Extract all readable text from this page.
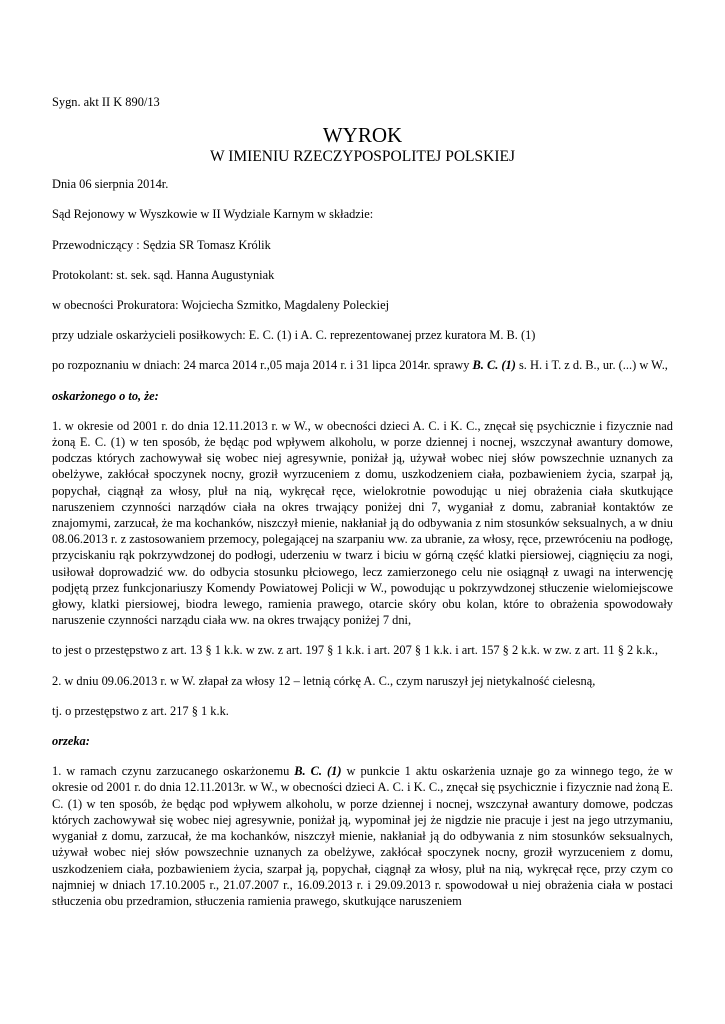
Sygn. akt II K 890/13

WYROK
W IMIENIU RZECZYPOSPOLITEJ POLSKIEJ

Dnia 06 sierpnia 2014r.

Sąd Rejonowy w Wyszkowie w II Wydziale Karnym w składzie:

Przewodniczący : Sędzia SR Tomasz Królik

Protokolant: st. sek. sąd. Hanna Augustyniak

w obecności Prokuratora: Wojciecha Szmitko, Magdaleny Poleckiej

przy udziale oskarżycieli posiłkowych: E. C. (1) i A. C. reprezentowanej przez kuratora M. B. (1)

po rozpoznaniu w dniach: 24 marca 2014 r.,05 maja 2014 r. i 31 lipca 2014r. sprawy B. C. (1) s. H. i T. z d. B., ur. (...) w W.,

oskarżonego o to, że:

1. w okresie od 2001 r. do dnia 12.11.2013 r. w W., w obecności dzieci A. C. i K. C., znęcał się psychicznie i fizycznie nad żoną E. C. (1) w ten sposób, że będąc pod wpływem alkoholu, w porze dziennej i nocnej, wszczynał awantury domowe, podczas których zachowywał się wobec niej agresywnie, poniżał ją, używał wobec niej słów powszechnie uznanych za obelżywe, zakłócał spoczynek nocny, groził wyrzuceniem z domu, uszkodzeniem ciała, pozbawieniem życia, szarpał ją, popychał, ciągnął za włosy, pluł na nią, wykręcał ręce, wielokrotnie powodując u niej obrażenia ciała skutkujące naruszeniem czynności narządów ciała na okres trwający poniżej dni 7, wyganiał z domu, zabraniał kontaktów ze znajomymi, zarzucał, że ma kochanków, niszczył mienie, nakłaniał ją do odbywania z nim stosunków seksualnych, a w dniu 08.06.2013 r. z zastosowaniem przemocy, polegającej na szarpaniu ww. za ubranie, za włosy, ręce, przewróceniu na podłogę, przyciskaniu rąk pokrzywdzonej do podłogi, uderzeniu w twarz i biciu w górną część klatki piersiowej, ciągnięciu za nogi, usiłował doprowadzić ww. do odbycia stosunku płciowego, lecz zamierzonego celu nie osiągnął z uwagi na interwencję podjętą przez funkcjonariuszy Komendy Powiatowej Policji w W., powodując u pokrzywdzonej stłuczenie wielomiejscowe głowy, klatki piersiowej, biodra lewego, ramienia prawego, otarcie skóry obu kolan, które to obrażenia spowodowały naruszenie czynności narządu ciała ww. na okres trwający poniżej 7 dni,

to jest o przestępstwo z art. 13 § 1 k.k. w zw. z art. 197 § 1 k.k. i art. 207 § 1 k.k. i art. 157 § 2 k.k. w zw. z art. 11 § 2 k.k.,

2. w dniu 09.06.2013 r. w W. złapał za włosy 12 – letnią córkę A. C., czym naruszył jej nietykalność cielesną,

tj. o przestępstwo z art. 217 § 1 k.k.

orzeka:

1. w ramach czynu zarzucanego oskarżonemu B. C. (1) w punkcie 1 aktu oskarżenia uznaje go za winnego tego, że w okresie od 2001 r. do dnia 12.11.2013r. w W., w obecności dzieci A. C. i K. C., znęcał się psychicznie i fizycznie nad żoną E. C. (1) w ten sposób, że będąc pod wpływem alkoholu, w porze dziennej i nocnej, wszczynał awantury domowe, podczas których zachowywał się wobec niej agresywnie, poniżał ją, wypominał jej że nigdzie nie pracuje i jest na jego utrzymaniu, wyganiał z domu, zarzucał, że ma kochanków, niszczył mienie, nakłaniał ją do odbywania z nim stosunków seksualnych, używał wobec niej słów powszechnie uznanych za obelżywe, zakłócał spoczynek nocny, groził wyrzuceniem z domu, uszkodzeniem ciała, pozbawieniem życia, szarpał ją, popychał, ciągnął za włosy, pluł na nią, wykręcał ręce, przy czym co najmniej w dniach 17.10.2005 r., 21.07.2007 r., 16.09.2013 r. i 29.09.2013 r. spowodował u niej obrażenia ciała w postaci stłuczenia obu przedramion, stłuczenia ramienia prawego, skutkujące naruszeniem
